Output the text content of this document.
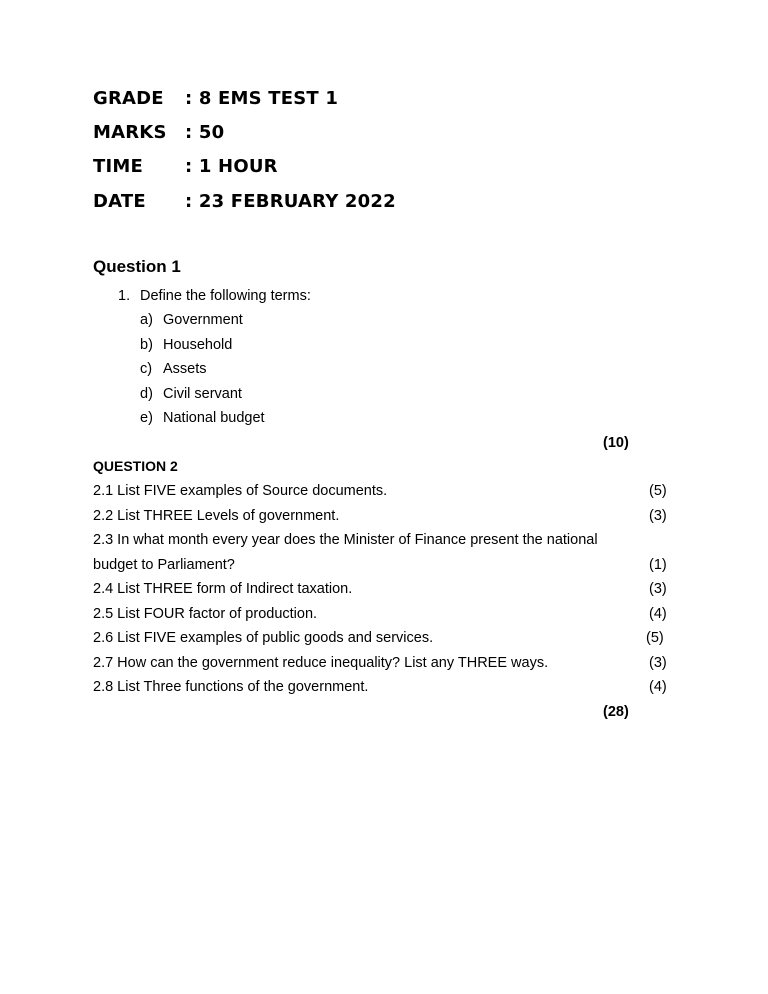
GRADE : 8 EMS TEST 1
MARKS : 50
TIME : 1 HOUR
DATE : 23 FEBRUARY 2022
Question 1
1. Define the following terms:
a) Government
b) Household
c) Assets
d) Civil servant
e) National budget
(10)
QUESTION 2
2.1 List FIVE examples of Source documents.	(5)
2.2 List THREE Levels of government.	(3)
2.3 In what month every year does the Minister of Finance present the national
budget to Parliament?	(1)
2.4 List THREE form of Indirect taxation.	(3)
2.5 List FOUR factor of production.	(4)
2.6 List FIVE examples of public goods and services.	(5)
2.7 How can the government reduce inequality? List any THREE ways.	(3)
2.8 List Three functions of the government.	(4)
(28)
